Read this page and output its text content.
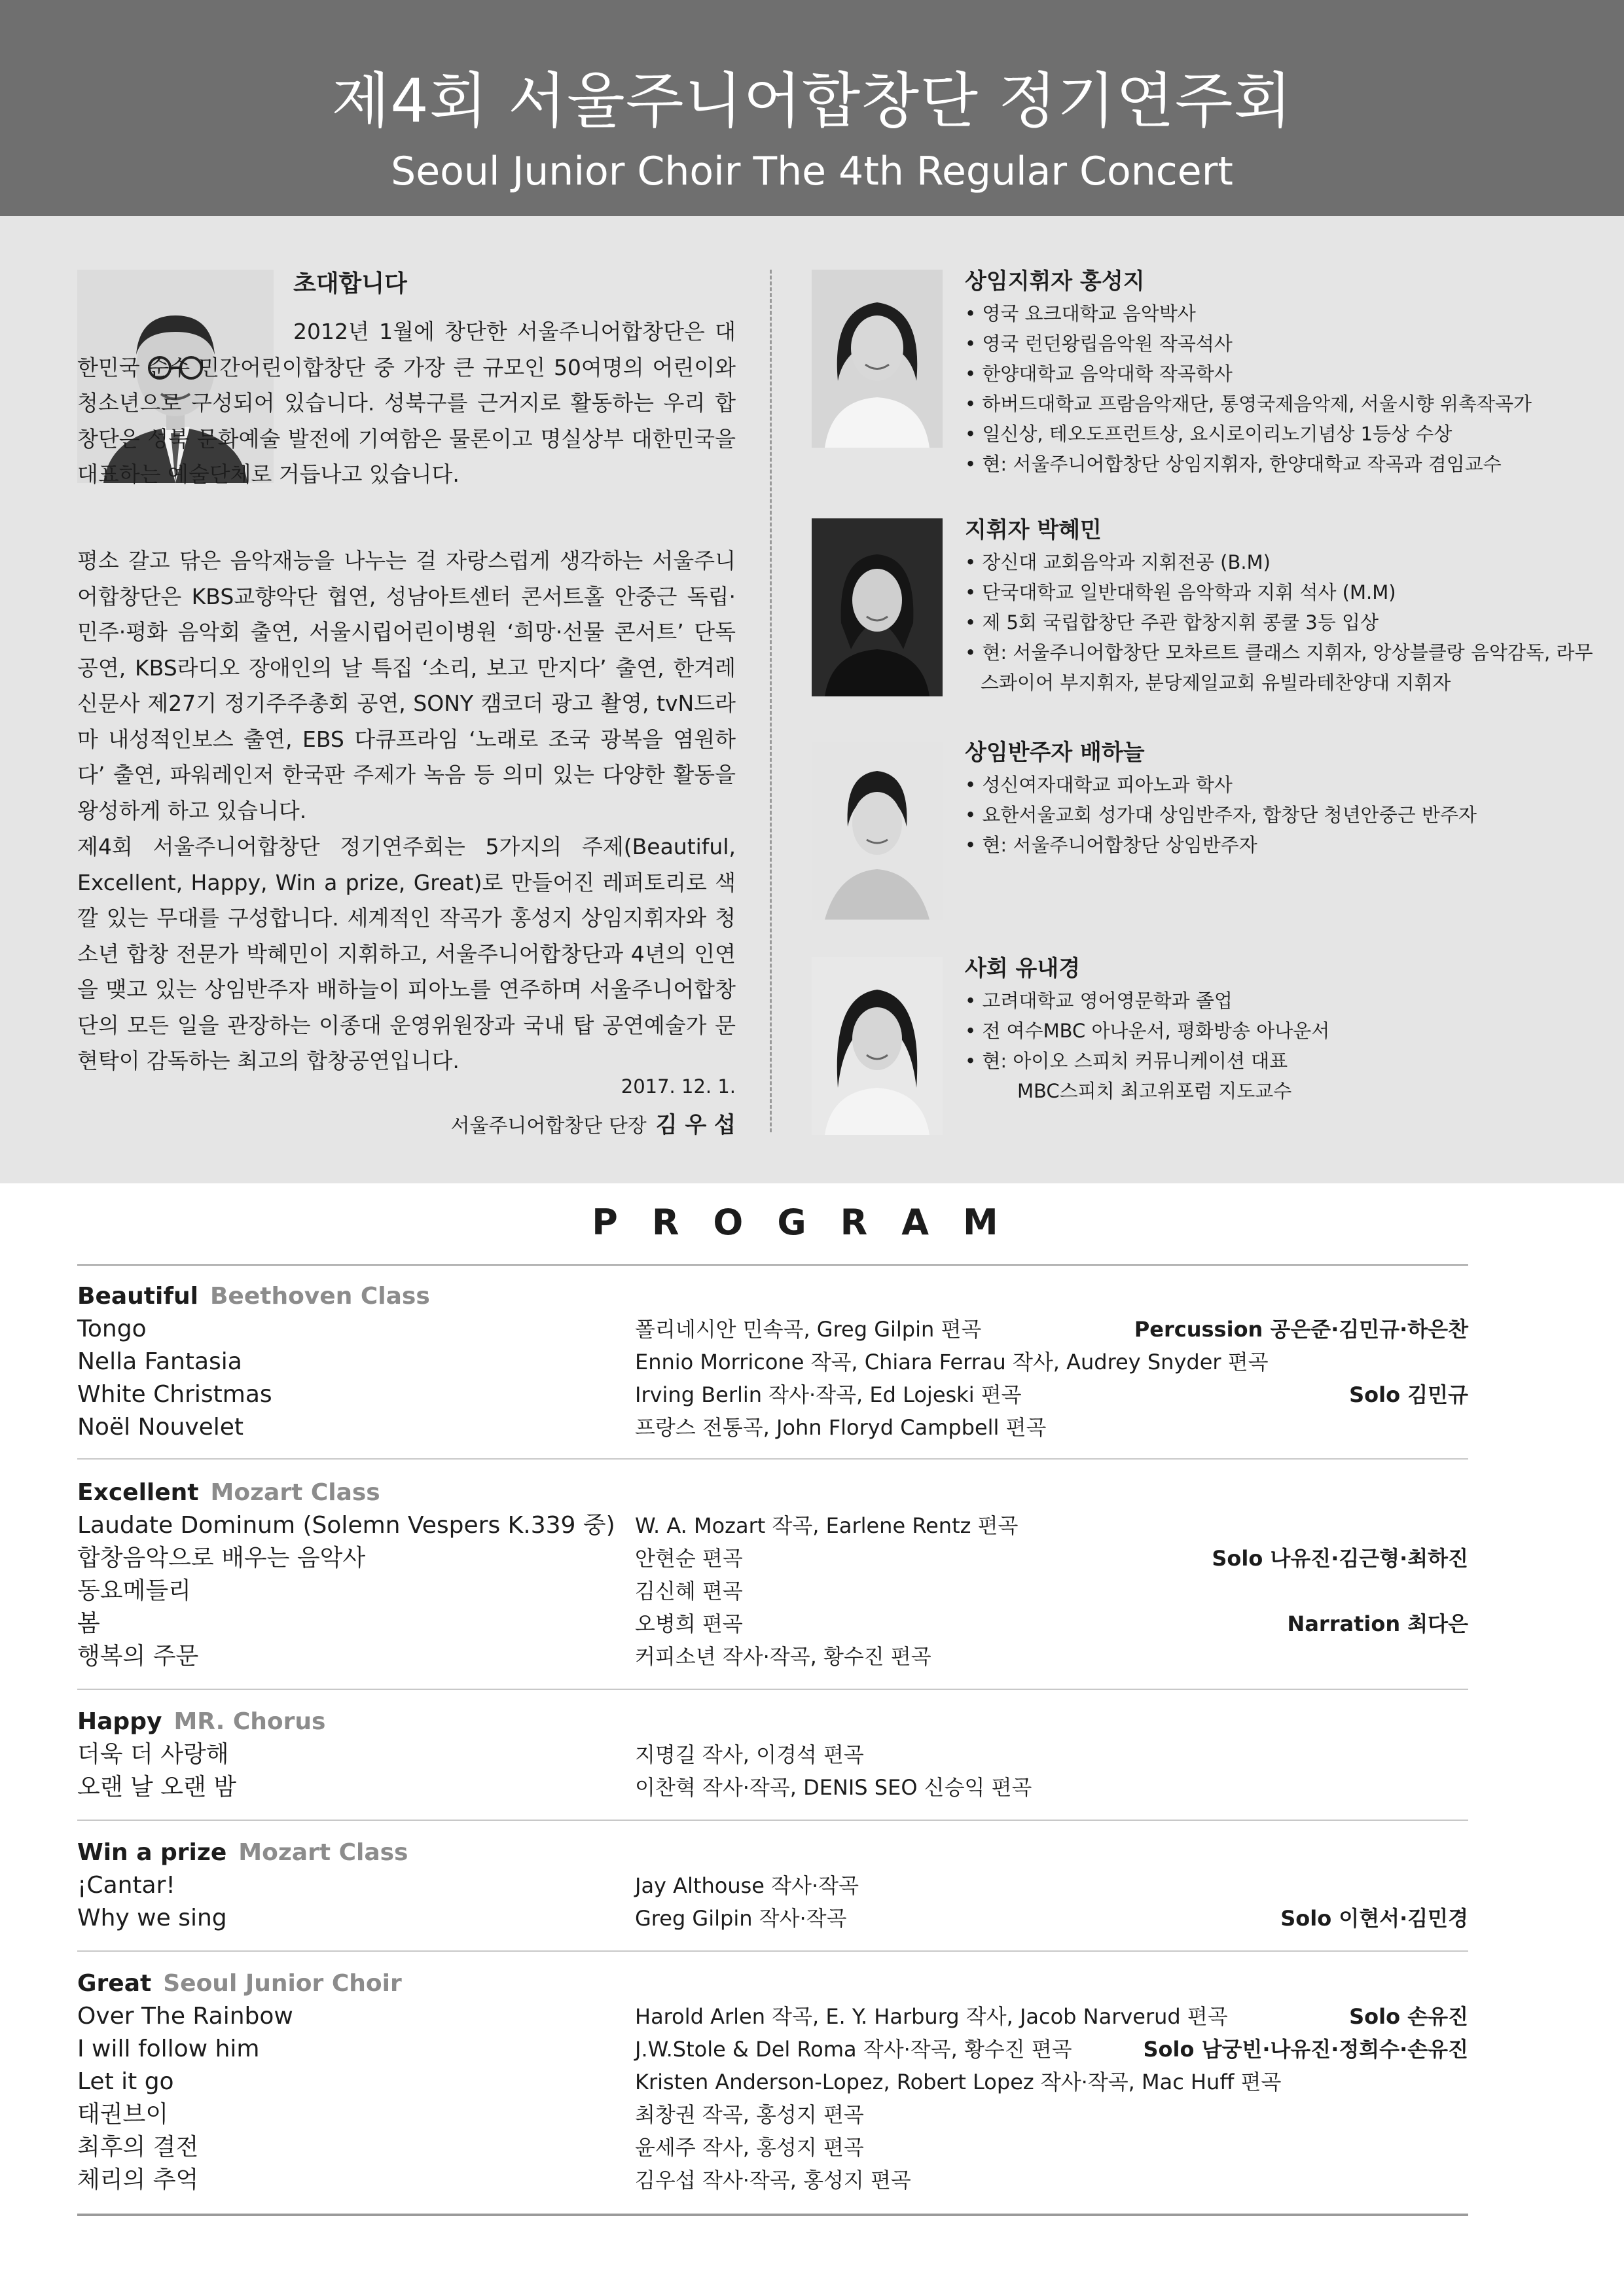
제4회 서울주니어합창단 정기연주회
Seoul Junior Choir The 4th Regular Concert
초대합니다

2012년 1월에 창단한 서울주니어합창단은 대한민국 순수 민간어린이합창단 중 가장 큰 규모인 50여명의 어린이와 청소년으로 구성되어 있습니다. 성북구를 근거지로 활동하는 우리 합창단은 성북 문화예술 발전에 기여함은 물론이고 명실상부 대한민국을 대표하는 예술단체로 거듭나고 있습니다.

평소 갈고 닦은 음악재능을 나누는 걸 자랑스럽게 생각하는 서울주니어합창단은 KBS교향악단 협연, 성남아트센터 콘서트홀 안중근 독립·민주·평화 음악회 출연, 서울시립어린이병원 ‘희망·선물 콘서트’ 단독공연, KBS라디오 장애인의 날 특집 ‘소리, 보고 만지다’ 출연, 한겨레신문사 제27기 정기주주총회 공연, SONY 캠코더 광고 촬영, tvN드라마 내성적인보스 출연, EBS 다큐프라임 ‘노래로 조국 광복을 염원하다’ 출연, 파워레인저 한국판 주제가 녹음 등 의미 있는 다양한 활동을 왕성하게 하고 있습니다.

제4회 서울주니어합창단 정기연주회는 5가지의 주제(Beautiful, Excellent, Happy, Win a prize, Great)로 만들어진 레퍼토리로 색깔 있는 무대를 구성합니다. 세계적인 작곡가 홍성지 상임지휘자와 청소년 합창 전문가 박혜민이 지휘하고, 서울주니어합창단과 4년의 인연을 맺고 있는 상임반주자 배하늘이 피아노를 연주하며 서울주니어합창단의 모든 일을 관장하는 이종대 운영위원장과 국내 탑 공연예술가 문현탁이 감독하는 최고의 합창공연입니다.

2017. 12. 1.
서울주니어합창단 단장 김 우 섭
상임지휘자 홍성지
• 영국 요크대학교 음악박사
• 영국 런던왕립음악원 작곡석사
• 한양대학교 음악대학 작곡학사
• 하버드대학교 프람음악재단, 통영국제음악제, 서울시향 위촉작곡가
• 일신상, 테오도프런트상, 요시로이리노기념상 1등상 수상
• 현: 서울주니어합창단 상임지휘자, 한양대학교 작곡과 겸임교수
지휘자 박혜민
• 장신대 교회음악과 지휘전공 (B.M)
• 단국대학교 일반대학원 음악학과 지휘 석사 (M.M)
• 제 5회 국립합창단 주관 합창지휘 콩쿨 3등 입상
• 현: 서울주니어합창단 모차르트 클래스 지휘자, 앙상블클랑 음악감독, 라무스콰이어 부지휘자, 분당제일교회 유빌라테찬양대 지휘자
상임반주자 배하늘
• 성신여자대학교 피아노과 학사
• 요한서울교회 성가대 상임반주자, 합창단 청년안중근 반주자
• 현: 서울주니어합창단 상임반주자
사회 유내경
• 고려대학교 영어영문학과 졸업
• 전 여수MBC 아나운서, 평화방송 아나운서
• 현: 아이오 스피치 커뮤니케이션 대표
MBC스피치 최고위포럼 지도교수
PROGRAM
Beautiful Beethoven Class
Tongo	폴리네시안 민속곡, Greg Gilpin 편곡	Percussion 공은준·김민규·하은찬
Nella Fantasia	Ennio Morricone 작곡, Chiara Ferrau 작사, Audrey Snyder 편곡
White Christmas	Irving Berlin 작사·작곡, Ed Lojeski 편곡	Solo 김민규
Noël Nouvelet	프랑스 전통곡, John Floryd Campbell 편곡
Excellent Mozart Class
Laudate Dominum (Solemn Vespers K.339 중) W. A. Mozart 작곡, Earlene Rentz 편곡
합창음악으로 배우는 음악사	안현순 편곡	Solo 나유진·김근형·최하진
동요메들리	김신혜 편곡
봄	오병희 편곡	Narration 최다은
행복의 주문	커피소년 작사·작곡, 황수진 편곡
Happy MR. Chorus
더욱 더 사랑해	지명길 작사, 이경석 편곡
오랜 날 오랜 밤	이찬혁 작사·작곡, DENIS SEO 신승익 편곡
Win a prize Mozart Class
¡Cantar!	Jay Althouse 작사·작곡
Why we sing	Greg Gilpin 작사·작곡	Solo 이현서·김민경
Great Seoul Junior Choir
Over The Rainbow	Harold Arlen 작곡, E. Y. Harburg 작사, Jacob Narverud 편곡	Solo 손유진
I will follow him	J.W.Stole & Del Roma 작사·작곡, 황수진 편곡	Solo 남궁빈·나유진·정희수·손유진
Let it go	Kristen Anderson-Lopez, Robert Lopez 작사·작곡, Mac Huff 편곡
태권브이	최창권 작곡, 홍성지 편곡
최후의 결전	윤세주 작사, 홍성지 편곡
체리의 추억	김우섭 작사·작곡, 홍성지 편곡
